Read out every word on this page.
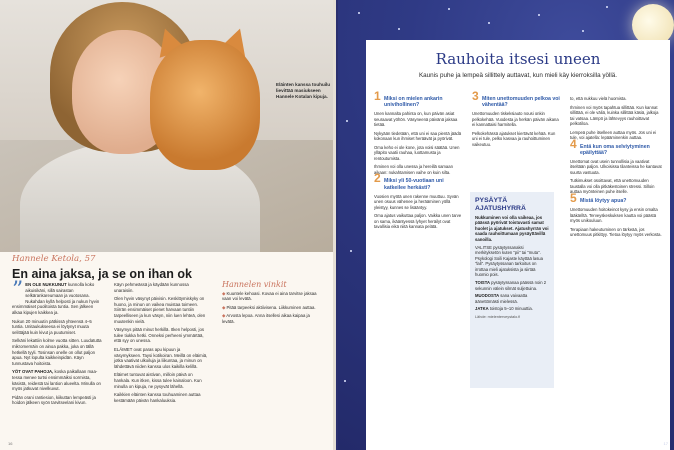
Eläinten kanssa touhuilu lievittää masiukseen Hannele Kotalan kipuja.
Hannele Ketola, 57
En aina jaksa, ja se on ihan ok

” EN OLE NUKKUNUT kunnolla koko aikuisikäni, sillä sairastan selkärankareumaan ja vuotosana. Nukahdan kyllä helposti ja nukun hyvin ensimmäiset puolitoista tuntia. Sen jälkeen alkaa kipujen kaikkea ja.

Nukun 20 minuutin pätkissä yhteensä 4–5 tuntia. Unitaukukseesa ei löytynyt muuta selittäjää kuin kivut ja puutumiset.

Selkäni lekattiin kolme vuotta sitten. Luudatutta mikromernäin on ainoa pakka, joka on tällä hetkellä tyyli. Tosinsan onelle on ollut paljon apua. Nyt lopulta kaikkeinpidän. Käyn tunnustava hoitoista.

YÖT OVAT PAHOJA, koska paikallaan maa- tessa menee turtsi ensimmäiksi sormista, käsistä, reidestä tai lantion alueelta. Minulla on myös jatkuvat nivelkuvut.

Pidän orani rantiesion, kiikuttan lempeästi ja hoidon jälkeen syön tarvitseelani kivun.

Käyn pehmeässä ja käydään kunnossa unaraisiin.

Olen hyvin väsynyt päivisin. Keskittymiskyky on huono, ja minun on vaikea muistaa toimeen. Siirrän ensimmäiset pienet harvaan tuntiin tarpeelliseen ja kun väsyn, niin luen lehteä, olen muutenkin vielä.

Väsymys pitää minut herkillä. Itken helposti, jos tulee tiukka hetki. Onneksi perheeni ymmärtää, että syy on unessa.

ELÄIMET ovat paras apu kipuun ja väsymykseen. Taysi kotikoiran. Meillä on eläimiä, jotka vaativat ulkoiluja ja liikuntaa, ja minun on lähdettävä niiden kanssa ulos kaikilla kelillä.

Eläimet tuntuvat aistivan, milloin päivä on hankala. Kun itken, kissa tulee kainaloon. Kun minulla on kipuja, ne pysyvät lähellä.

Kaikkien eläinten kanssa touhuaminen auttaa kestämään päivän hankaluuksia.

Hannelen vinkit

◆ Kuuntele kehoasi. Kovaa ei aina tarvitse jaksaa vaan voi levätä.

◆ Pitää tarpeeksi aktiivisena. Liikkuminen auttaa.

◆ Arvosta lepoa. Anna itsellesi aikaa kaipaa ja levätä.

16
Rauhoita itsesi uneen
Kaunis puhe ja lempeä sillittely auttavat, kun mieli käy kierroksilla yöllä.
1 Miksi on mielen ankarin univihollinen?

Unen kannalta pahinta on, kun päivän asiat seuraavat yöhön. Väsyneenä päivänä jaksaa tietää.

Nykyään tiedetään, että uni ei saa pientä jäädä kokonaan kun ihmiset heräävät ja pyörivät.

Oma keho ei ole kone, jota voisi säätää. Unen ylläpito vaatii rauhaa, luottamusta ja rentoutumista.

Ihminen voi olla unessa ja hereillä samaan aikaan: nukahtamisen vaihe on kuin silta.

2 Miksi yli 50-vuotiaan uni katkeilee herkästi?

Vuosien myötä unen rakenne muuttuu. Syvän unen osuus vähenee ja herääminen yöllä yleistyy, kunnes se lisääntyy.

Oma ajatus vaikuttaa paljon. Vaikka unen tarve on sama, ikääntyessä lyhyet heräilyt ovat tavallisia eikä niitä kannata pelätä.

3 Miten unettomuuden pelkoa voi vähentää?

Unettomuuden tiskeksiauto nousi onkin pelkokehää. Vuodesta ja herkän päivän aikana ei kannattaisi harmitella.

Pelkokehässä ajatukset kiertävät kehää. Kun uni ei tule, pelko kasvaa ja rauhoittuminen vaikeutuu.

PYSÄYTÄ AJATUSHYRRÄ
Nukkuminen voi olla vaikeaa, jos päässä pyörivät toistuvasti samat huolet ja ajatukset. Ajatushyrrän voi saada rauhoittumaan pysäyttävillä sanoilla.
VALITSE pysäytyssanaksi merkityksetön kuten "pii" tai "muta". Psykologi Soili Kajaste käyttää lasua "lali". Pysäytyssanan tarkoitus on irrottaa mieli ajatuksista ja siirtää huomio pois.
TOISTA pysäytyssanaa päässä noin 2 sekunnin välein silmät suljettuina.
MUODOSTA sana vaivaatta äänettömästi mielessä.
JATKA toistoja 5–10 minuuttia.
Lähde: mielenterveystalo.fi

to, että nukkuu vielä huomista.

Ihminen voi myös tapahtua sillittää. Kun kannat sillittää, ei ole väliä, kuinka sillittää käsiä, jalkoja tai vatsaa. Lämpö ja lähtevyys rauhoittavat pelkotiloa.

Lempeä puhe itselleen auttaa myös. Jos uni ei tule, voi ajatella: lepääminenkin auttaa.

4 Entä kun oma selviytyminen epäilyttää?

Unettomat ovat usein tunnollisia ja vaativat itseltään paljon. Ulkoisissa tilanteissa he kantavat suurta vastuuta.

Tutkimukset osoittavat, että unettomuuden taustalla voi olla pitkäkestoinen stressi. Silloin auttaa myönteinen puhe itselle.

5 Mistä löytyy apua?

Unettomuuden hoitokeinot kysy ja ensin omalta lääkäriltä. Terveyskeskuksen kautta voi päästä myös unikouluun.

Terapiaan hakeutuminen on tärkeää, jos unettomuus pitkittyy. Tietoa löytyy myös verkosta.

17
